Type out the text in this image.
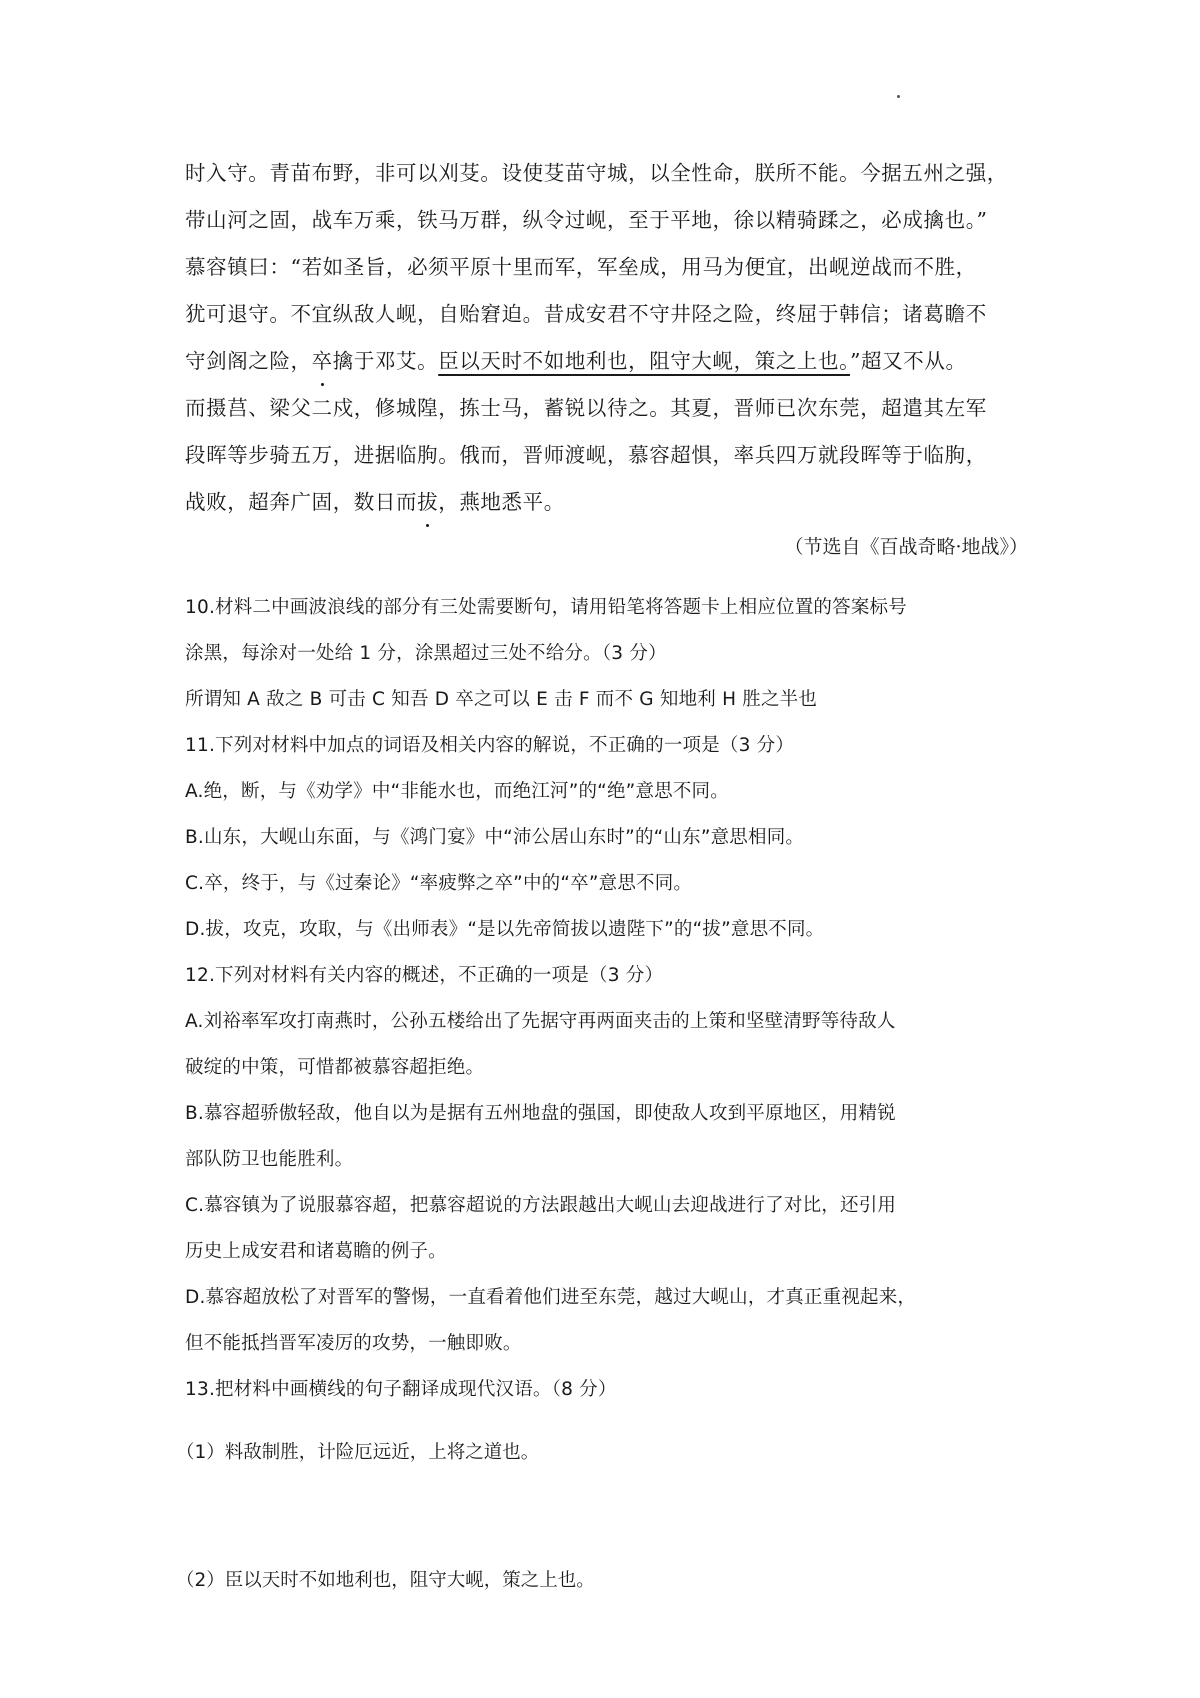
时入守。青苗布野，非可以刈芟。设使芟苗守城，以全性命，朕所不能。今据五州之强，
带山河之固，战车万乘，铁马万群，纵令过岘，至于平地，徐以精骑蹂之，必成擒也。”
慕容镇曰：“若如圣旨，必须平原十里而军，军垒成，用马为便宜，出岘逆战而不胜，
犹可退守。不宜纵敌人岘，自贻窘迫。昔成安君不守井陉之险，终屈于韩信；诸葛瞻不
守剑阁之险，卒擒于邓艾。臣以天时不如地利也，阻守大岘，策之上也。”超又不从。
而摄莒、梁父二戍，修城隍，拣士马，蓄锐以待之。其夏，晋师已次东莞，超遣其左军
段晖等步骑五万，进据临朐。俄而，晋师渡岘，慕容超惧，率兵四万就段晖等于临朐，
战败，超奔广固，数日而拔，燕地悉平。
（节选自《百战奇略·地战》）
10.材料二中画波浪线的部分有三处需要断句，请用铅笔将答题卡上相应位置的答案标号
涂黑，每涂对一处给 1 分，涂黑超过三处不给分。（3 分）
所谓知 A 敌之 B 可击 C 知吾 D 卒之可以 E 击 F 而不 G 知地利 H 胜之半也
11.下列对材料中加点的词语及相关内容的解说，不正确的一项是（3 分）
A.绝，断，与《劝学》中“非能水也，而绝江河”的“绝”意思不同。
B.山东，大岘山东面，与《鸿门宴》中“沛公居山东时”的“山东”意思相同。
C.卒，终于，与《过秦论》“率疲弊之卒”中的“卒”意思不同。
D.拔，攻克，攻取，与《出师表》“是以先帝简拔以遗陛下”的“拔”意思不同。
12.下列对材料有关内容的概述，不正确的一项是（3 分）
A.刘裕率军攻打南燕时，公孙五楼给出了先据守再两面夹击的上策和坚壁清野等待敌人
破绽的中策，可惜都被慕容超拒绝。
B.慕容超骄傲轻敌，他自以为是据有五州地盘的强国，即使敌人攻到平原地区，用精锐
部队防卫也能胜利。
C.慕容镇为了说服慕容超，把慕容超说的方法跟越出大岘山去迎战进行了对比，还引用
历史上成安君和诸葛瞻的例子。
D.慕容超放松了对晋军的警惕，一直看着他们进至东莞，越过大岘山，才真正重视起来，
但不能抵挡晋军凌厉的攻势，一触即败。
13.把材料中画横线的句子翻译成现代汉语。（8 分）
（1）料敌制胜，计险厄远近，上将之道也。
（2）臣以天时不如地利也，阻守大岘，策之上也。
